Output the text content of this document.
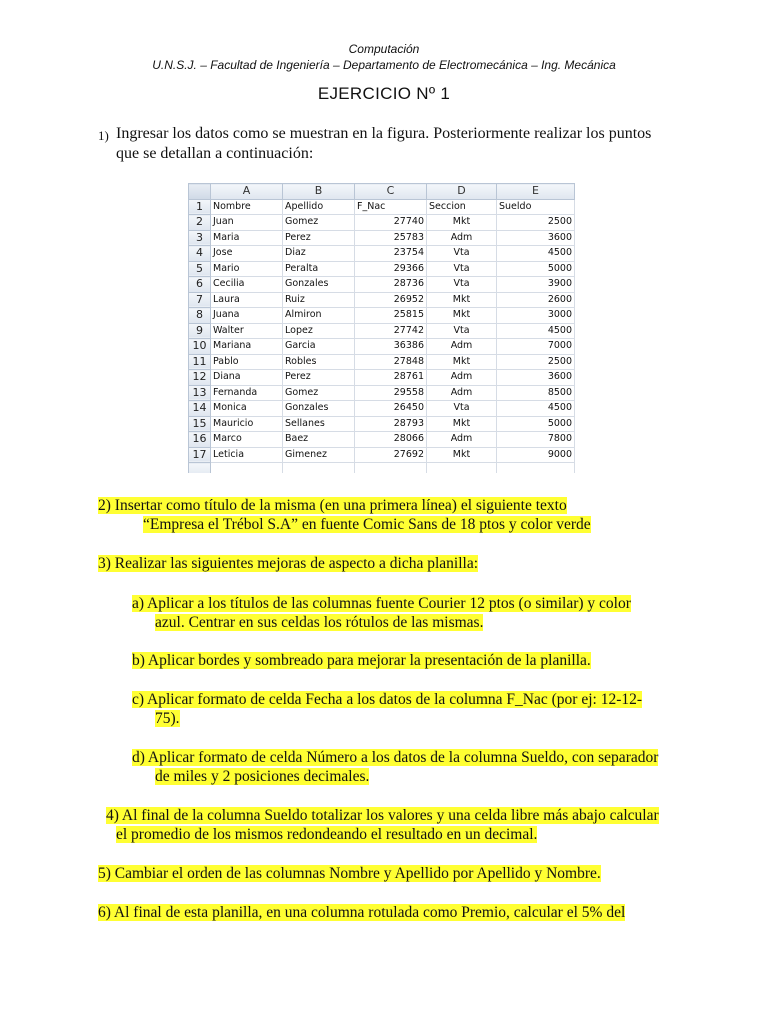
Computación
U.N.S.J. – Facultad de Ingeniería – Departamento de Electromecánica – Ing. Mecánica
EJERCICIO Nº 1
1) Ingresar los datos como se muestran en la figura. Posteriormente realizar los puntos
que se detallan a continuación:
	A	B	C	D	E
1	Nombre	Apellido	F_Nac	Seccion	Sueldo
2	Juan	Gomez	27740	Mkt	2500
3	Maria	Perez	25783	Adm	3600
4	Jose	Diaz	23754	Vta	4500
5	Mario	Peralta	29366	Vta	5000
6	Cecilia	Gonzales	28736	Vta	3900
7	Laura	Ruiz	26952	Mkt	2600
8	Juana	Almiron	25815	Mkt	3000
9	Walter	Lopez	27742	Vta	4500
10	Mariana	Garcia	36386	Adm	7000
11	Pablo	Robles	27848	Mkt	2500
12	Diana	Perez	28761	Adm	3600
13	Fernanda	Gomez	29558	Adm	8500
14	Monica	Gonzales	26450	Vta	4500
15	Mauricio	Sellanes	28793	Mkt	5000
16	Marco	Baez	28066	Adm	7800
17	Leticia	Gimenez	27692	Mkt	9000

2) Insertar como título de la misma (en una primera línea) el siguiente texto
“Empresa el Trébol S.A” en fuente Comic Sans de 18 ptos y color verde
3) Realizar las siguientes mejoras de aspecto a dicha planilla:
a) Aplicar a los títulos de las columnas fuente Courier 12 ptos (o similar) y color
azul. Centrar en sus celdas los rótulos de las mismas.
b) Aplicar bordes y sombreado para mejorar la presentación de la planilla.
c) Aplicar formato de celda Fecha a los datos de la columna F_Nac (por ej: 12-12-
75).
d) Aplicar formato de celda Número a los datos de la columna Sueldo, con separador
de miles y 2 posiciones decimales.
4) Al final de la columna Sueldo totalizar los valores y una celda libre más abajo calcular
el promedio de los mismos redondeando el resultado en un decimal.
5) Cambiar el orden de las columnas Nombre y Apellido por Apellido y Nombre.
6) Al final de esta planilla, en una columna rotulada como Premio, calcular el 5% del
